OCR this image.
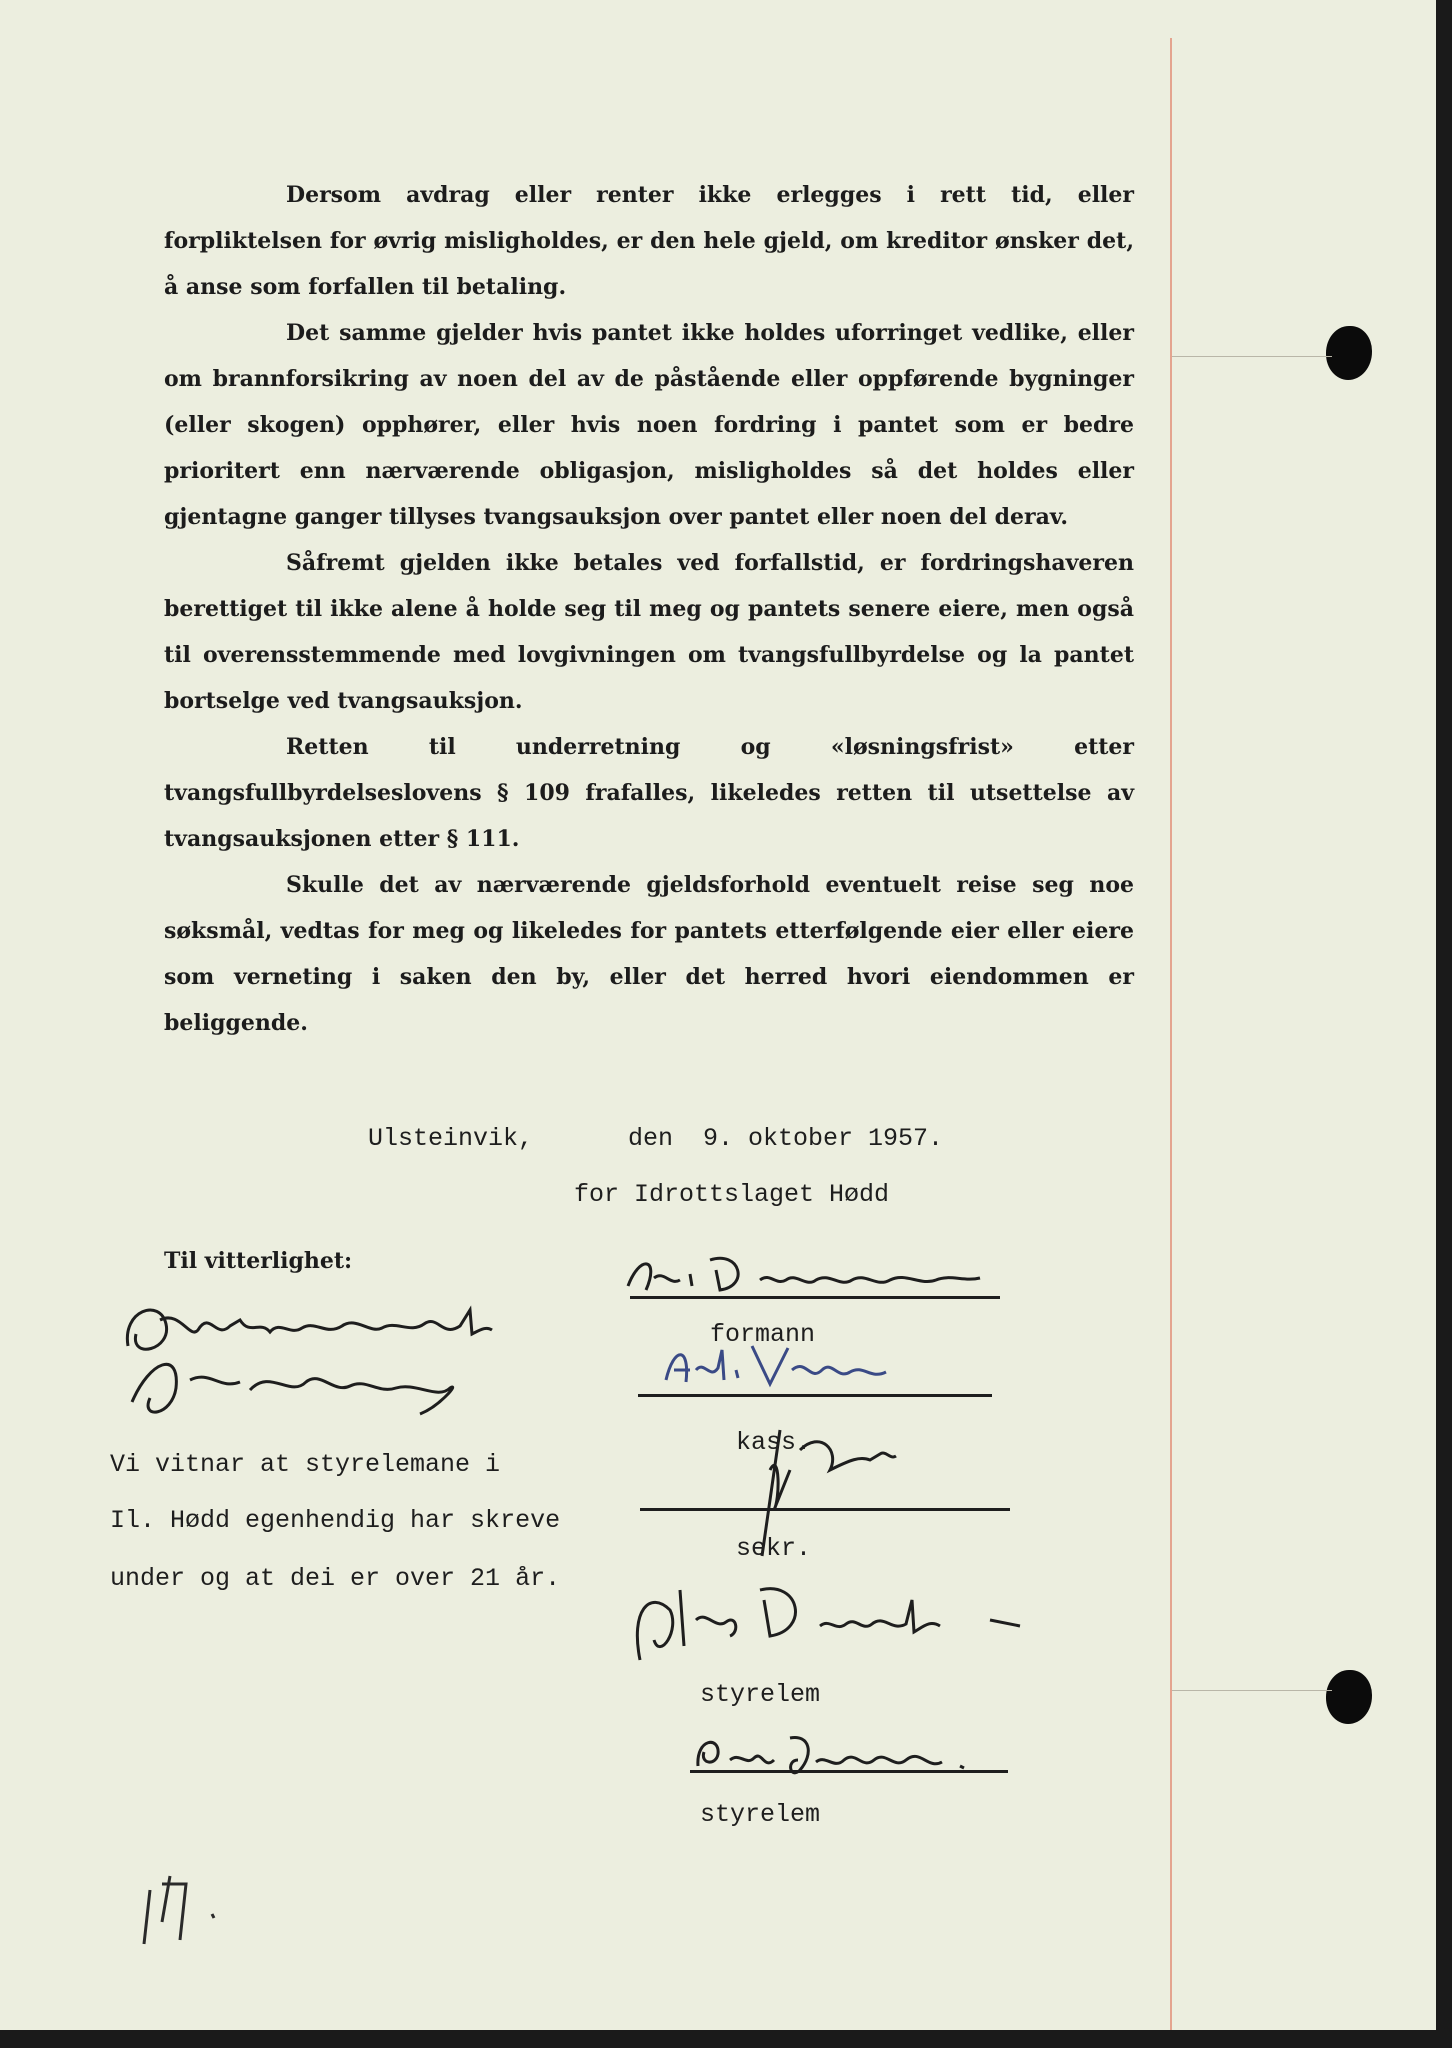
Dersom avdrag eller renter ikke erlegges i rett tid, eller forpliktelsen for øvrig misligholdes, er den hele gjeld, om kreditor ønsker det, å anse som forfallen til betaling.

Det samme gjelder hvis pantet ikke holdes uforringet vedlike, eller om brannforsikring av noen del av de påstående eller oppførende bygninger (eller skogen) opphører, eller hvis noen fordring i pantet som er bedre prioritert enn nærværende obligasjon, misligholdes så det holdes eller gjentagne ganger tillyses tvangsauksjon over pantet eller noen del derav.

Såfremt gjelden ikke betales ved forfallstid, er fordringshaveren berettiget til ikke alene å holde seg til meg og pantets senere eiere, men også til overensstemmende med lovgivningen om tvangsfullbyrdelse og la pantet bortselge ved tvangsauksjon.

Retten til underretning og «løsningsfrist» etter tvangsfullbyrdelseslovens § 109 frafalles, likeledes retten til utsettelse av tvangsauksjonen etter § 111.

Skulle det av nærværende gjeldsforhold eventuelt reise seg noe søksmål, vedtas for meg og likeledes for pantets etterfølgende eier eller eiere som verneting i saken den by, eller det herred hvori eiendommen er beliggende.

Ulsteinvik,	den  9. oktober 1957.
for Idrottslaget Hødd
Til vitterlighet:
Vi vitnar at styrelemane i
Il. Hødd egenhendig har skreve
under og at dei er over 21 år.
formann
kass.
sekr.
styrelem
styrelem
